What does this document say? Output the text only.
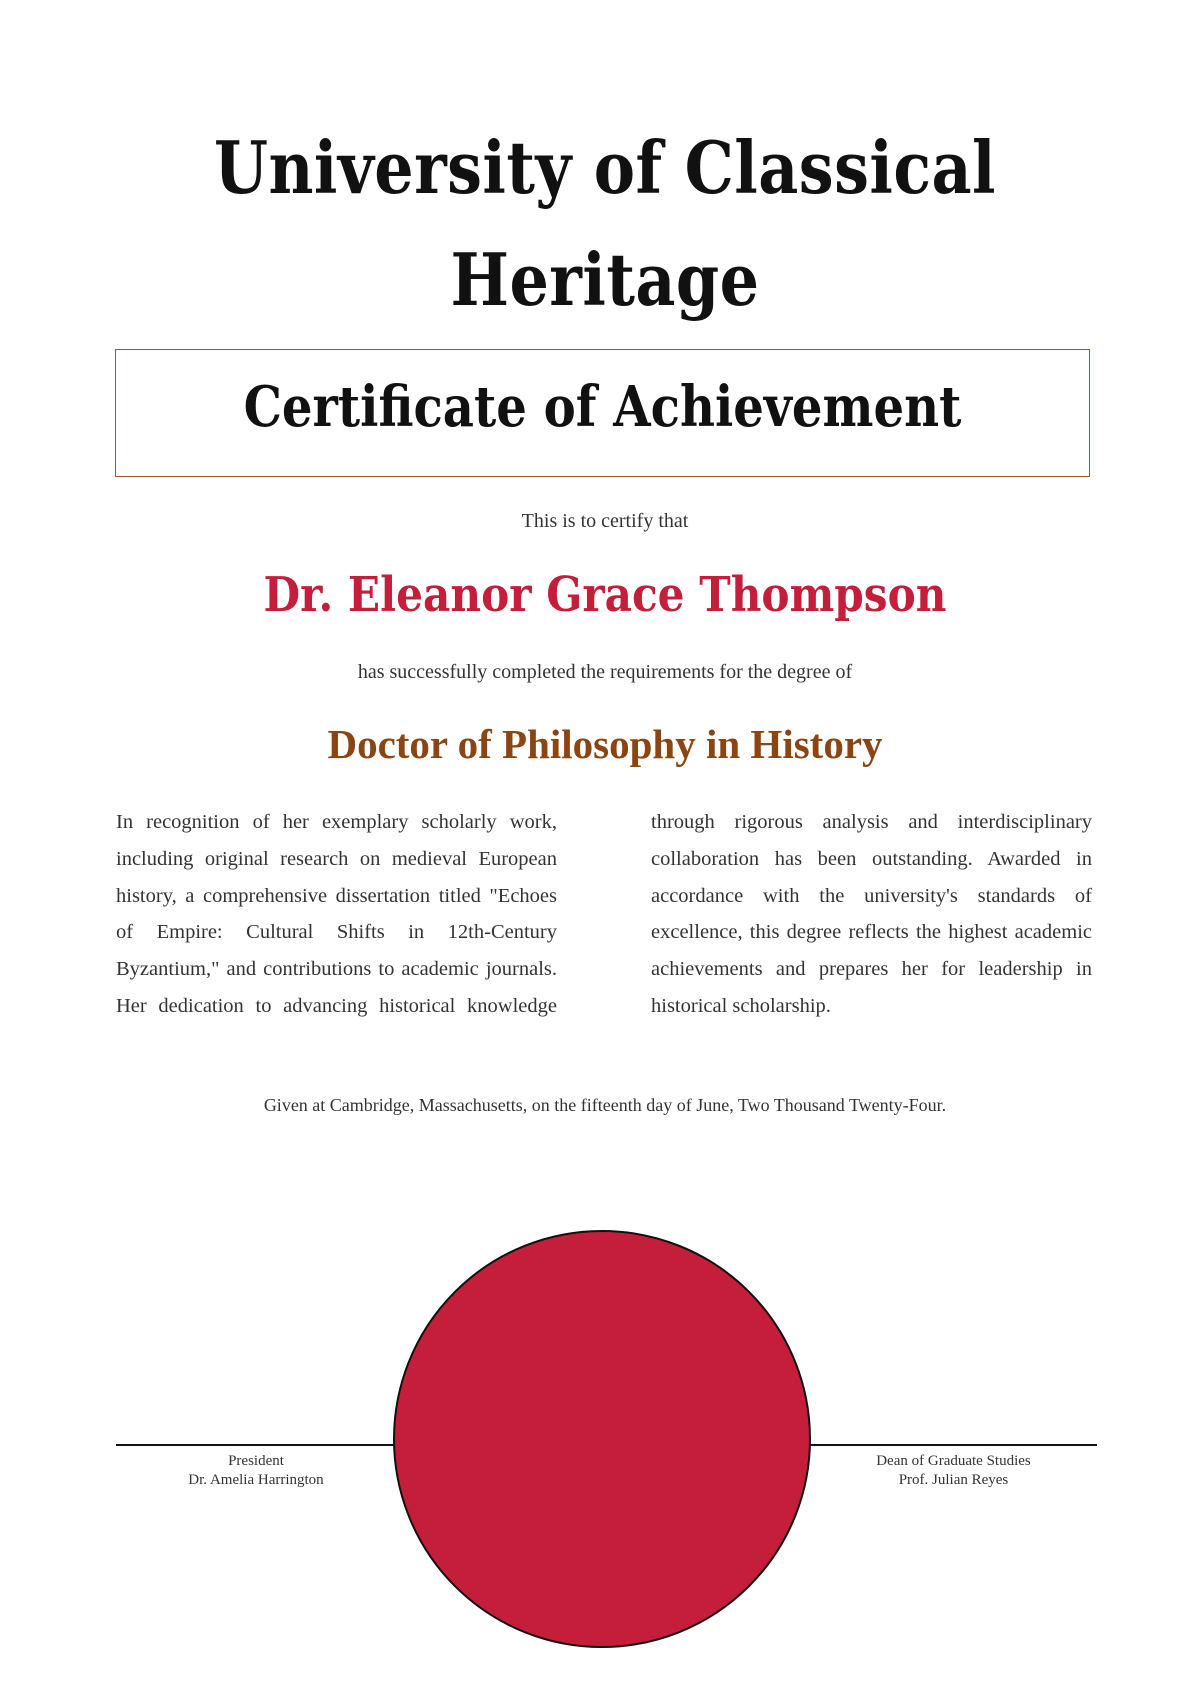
University of Classical Heritage
Certificate of Achievement
This is to certify that
Dr. Eleanor Grace Thompson
has successfully completed the requirements for the degree of
Doctor of Philosophy in History

In recognition of her exemplary scholarly work, including original research on medieval European history, a comprehensive dissertation titled "Echoes of Empire: Cultural Shifts in 12th-Century Byzantium," and contributions to academic journals. Her dedication to advancing historical knowledge through rigorous analysis and interdisciplinary collaboration has been outstanding. Awarded in accordance with the university's standards of excellence, this degree reflects the highest academic achievements and prepares her for leadership in historical scholarship.

Given at Cambridge, Massachusetts, on the fifteenth day of June, Two Thousand Twenty-Four.
President
Dr. Amelia Harrington
Dean of Graduate Studies
Prof. Julian Reyes
